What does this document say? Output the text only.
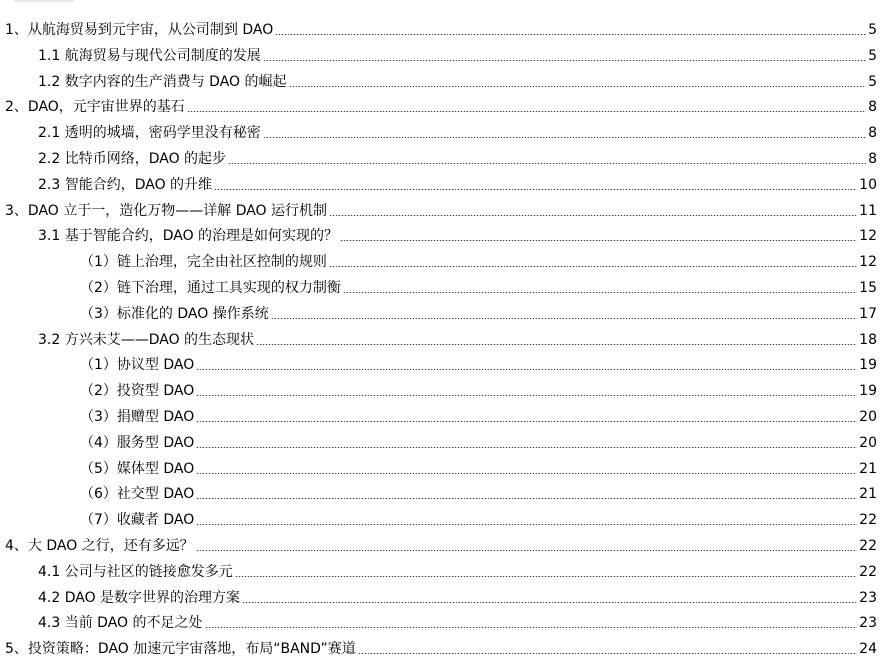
1、从航海贸易到元宇宙，从公司制到 DAO	5
1.1 航海贸易与现代公司制度的发展	5
1.2 数字内容的生产消费与 DAO 的崛起	5
2、DAO，元宇宙世界的基石	8
2.1 透明的城墙，密码学里没有秘密	8
2.2 比特币网络，DAO 的起步	8
2.3 智能合约，DAO 的升维	10
3、DAO 立于一，造化万物——详解 DAO 运行机制	11
3.1 基于智能合约，DAO 的治理是如何实现的？	12
（1）链上治理，完全由社区控制的规则	12
（2）链下治理，通过工具实现的权力制衡	15
（3）标准化的 DAO 操作系统	17
3.2 方兴未艾——DAO 的生态现状	18
（1）协议型 DAO	19
（2）投资型 DAO	19
（3）捐赠型 DAO	20
（4）服务型 DAO	20
（5）媒体型 DAO	21
（6）社交型 DAO	21
（7）收藏者 DAO	22
4、大 DAO 之行，还有多远？	22
4.1 公司与社区的链接愈发多元	22
4.2 DAO 是数字世界的治理方案	23
4.3 当前 DAO 的不足之处	23
5、投资策略：DAO 加速元宇宙落地，布局“BAND”赛道	24
